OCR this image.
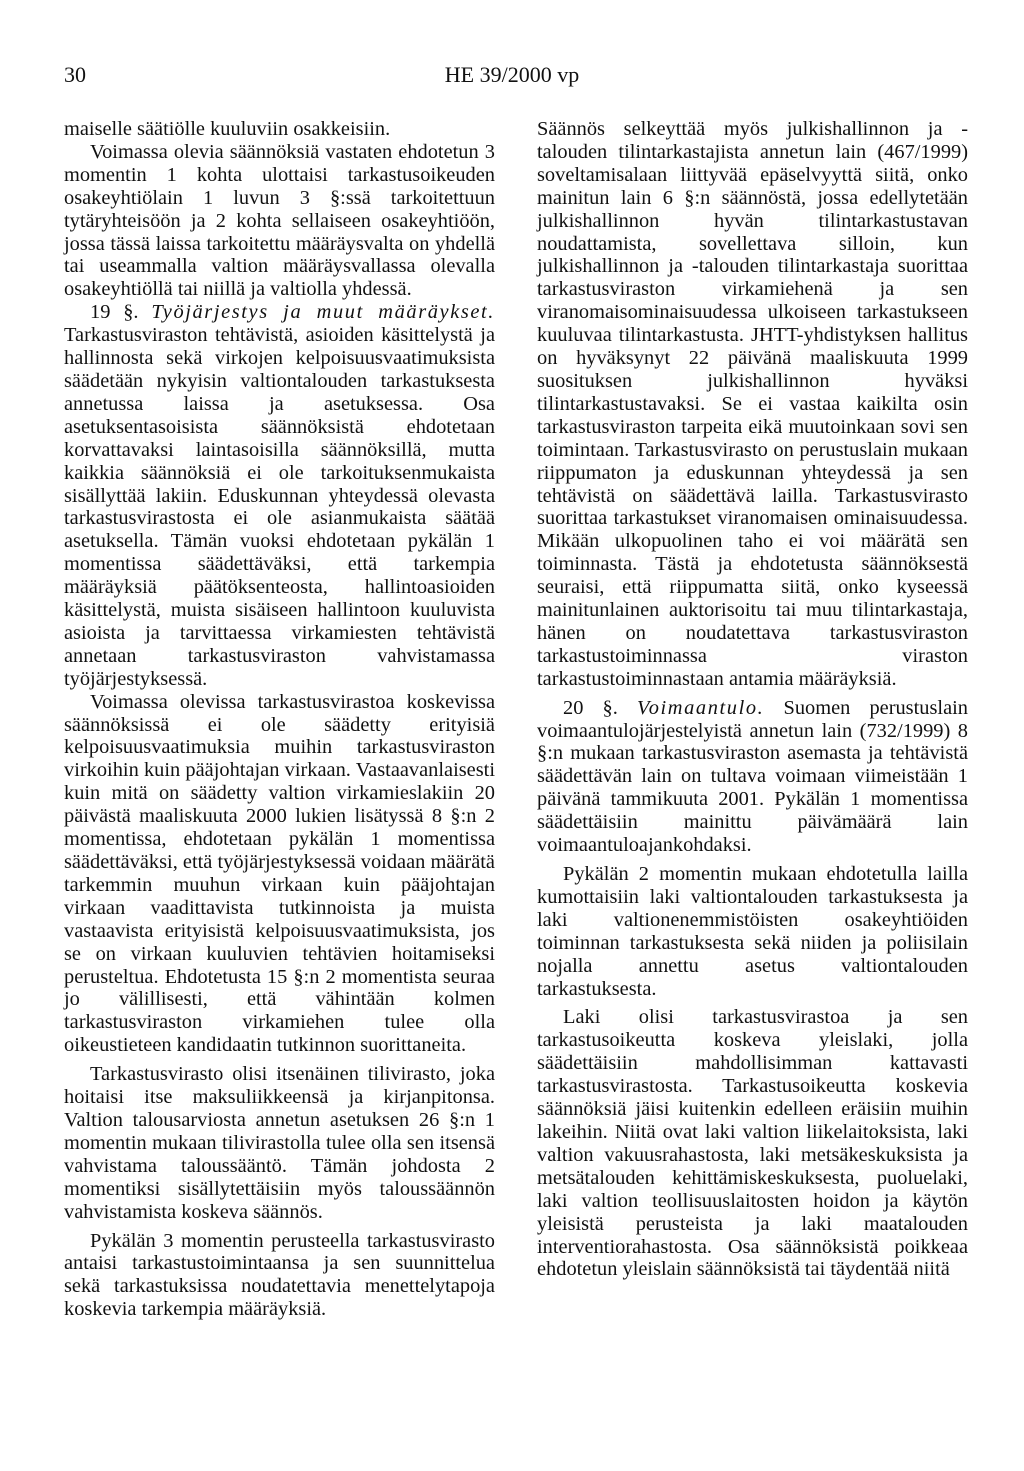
30	HE 39/2000 vp

maiselle säätiölle kuuluviin osakkeisiin.

Voimassa olevia säännöksiä vastaten ehdotetun 3 momentin 1 kohta ulottaisi tarkastusoikeuden osakeyhtiölain 1 luvun 3 §:ssä tarkoitettuun tytäryhteisöön ja 2 kohta sellaiseen osakeyhtiöön, jossa tässä laissa tarkoitettu määräysvalta on yhdellä tai useammalla valtion määräysvallassa olevalla osakeyhtiöllä tai niillä ja valtiolla yhdessä.

19 §. Työjärjestys ja muut määräykset. Tarkastusviraston tehtävistä, asioiden käsittelystä ja hallinnosta sekä virkojen kelpoisuusvaatimuksista säädetään nykyisin valtiontalouden tarkastuksesta annetussa laissa ja asetuksessa. Osa asetuksentasoisista säännöksistä ehdotetaan korvattavaksi laintasoisilla säännöksillä, mutta kaikkia säännöksiä ei ole tarkoituksenmukaista sisällyttää lakiin. Eduskunnan yhteydessä olevasta tarkastusvirastosta ei ole asianmukaista säätää asetuksella. Tämän vuoksi ehdotetaan pykälän 1 momentissa säädettäväksi, että tarkempia määräyksiä päätöksenteosta, hallintoasioiden käsittelystä, muista sisäiseen hallintoon kuuluvista asioista ja tarvittaessa virkamiesten tehtävistä annetaan tarkastusviraston vahvistamassa työjärjestyksessä.

Voimassa olevissa tarkastusvirastoa koskevissa säännöksissä ei ole säädetty erityisiä kelpoisuusvaatimuksia muihin tarkastusviraston virkoihin kuin pääjohtajan virkaan. Vastaavanlaisesti kuin mitä on säädetty valtion virkamieslakiin 20 päivästä maaliskuuta 2000 lukien lisätyssä 8 §:n 2 momentissa, ehdotetaan pykälän 1 momentissa säädettäväksi, että työjärjestyksessä voidaan määrätä tarkemmin muuhun virkaan kuin pääjohtajan virkaan vaadittavista tutkinnoista ja muista vastaavista erityisistä kelpoisuusvaatimuksista, jos se on virkaan kuuluvien tehtävien hoitamiseksi perusteltua. Ehdotetusta 15 §:n 2 momentista seuraa jo välillisesti, että vähintään kolmen tarkastusviraston virkamiehen tulee olla oikeustieteen kandidaatin tutkinnon suorittaneita.

Tarkastusvirasto olisi itsenäinen tilivirasto, joka hoitaisi itse maksuliikkeensä ja kirjanpitonsa. Valtion talousarviosta annetun asetuksen 26 §:n 1 momentin mukaan tilivirastolla tulee olla sen itsensä vahvistama taloussääntö. Tämän johdosta 2 momentiksi sisällytettäisiin myös taloussäännön vahvistamista koskeva säännös.

Pykälän 3 momentin perusteella tarkastusvirasto antaisi tarkastustoimintaansa ja sen suunnittelua sekä tarkastuksissa noudatettavia menettelytapoja koskevia tarkempia määräyksiä.

Säännös selkeyttää myös julkishallinnon ja -talouden tilintarkastajista annetun lain (467/1999) soveltamisalaan liittyvää epäselvyyttä siitä, onko mainitun lain 6 §:n säännöstä, jossa edellytetään julkishallinnon hyvän tilintarkastustavan noudattamista, sovellettava silloin, kun julkishallinnon ja -talouden tilintarkastaja suorittaa tarkastusviraston virkamiehenä ja sen viranomaisominaisuudessa ulkoiseen tarkastukseen kuuluvaa tilintarkastusta. JHTT-yhdistyksen hallitus on hyväksynyt 22 päivänä maaliskuuta 1999 suosituksen julkishallinnon hyväksi tilintarkastustavaksi. Se ei vastaa kaikilta osin tarkastusviraston tarpeita eikä muutoinkaan sovi sen toimintaan. Tarkastusvirasto on perustuslain mukaan riippumaton ja eduskunnan yhteydessä ja sen tehtävistä on säädettävä lailla. Tarkastusvirasto suorittaa tarkastukset viranomaisen ominaisuudessa. Mikään ulkopuolinen taho ei voi määrätä sen toiminnasta. Tästä ja ehdotetusta säännöksestä seuraisi, että riippumatta siitä, onko kyseessä mainitunlainen auktorisoitu tai muu tilintarkastaja, hänen on noudatettava tarkastusviraston tarkastustoiminnassa viraston tarkastustoiminnastaan antamia määräyksiä.

20 §. Voimaantulo. Suomen perustuslain voimaantulojärjestelyistä annetun lain (732/1999) 8 §:n mukaan tarkastusviraston asemasta ja tehtävistä säädettävän lain on tultava voimaan viimeistään 1 päivänä tammikuuta 2001. Pykälän 1 momentissa säädettäisiin mainittu päivämäärä lain voimaantuloajankohdaksi.

Pykälän 2 momentin mukaan ehdotetulla lailla kumottaisiin laki valtiontalouden tarkastuksesta ja laki valtionenemmistöisten osakeyhtiöiden toiminnan tarkastuksesta sekä niiden ja poliisilain nojalla annettu asetus valtiontalouden tarkastuksesta.

Laki olisi tarkastusvirastoa ja sen tarkastusoikeutta koskeva yleislaki, jolla säädettäisiin mahdollisimman kattavasti tarkastusvirastosta. Tarkastusoikeutta koskevia säännöksiä jäisi kuitenkin edelleen eräisiin muihin lakeihin. Niitä ovat laki valtion liikelaitoksista, laki valtion vakuusrahastosta, laki metsäkeskuksista ja metsätalouden kehittämiskeskuksesta, puoluelaki, laki valtion teollisuuslaitosten hoidon ja käytön yleisistä perusteista ja laki maatalouden interventiorahastosta. Osa säännöksistä poikkeaa ehdotetun yleislain säännöksistä tai täydentää niitä
